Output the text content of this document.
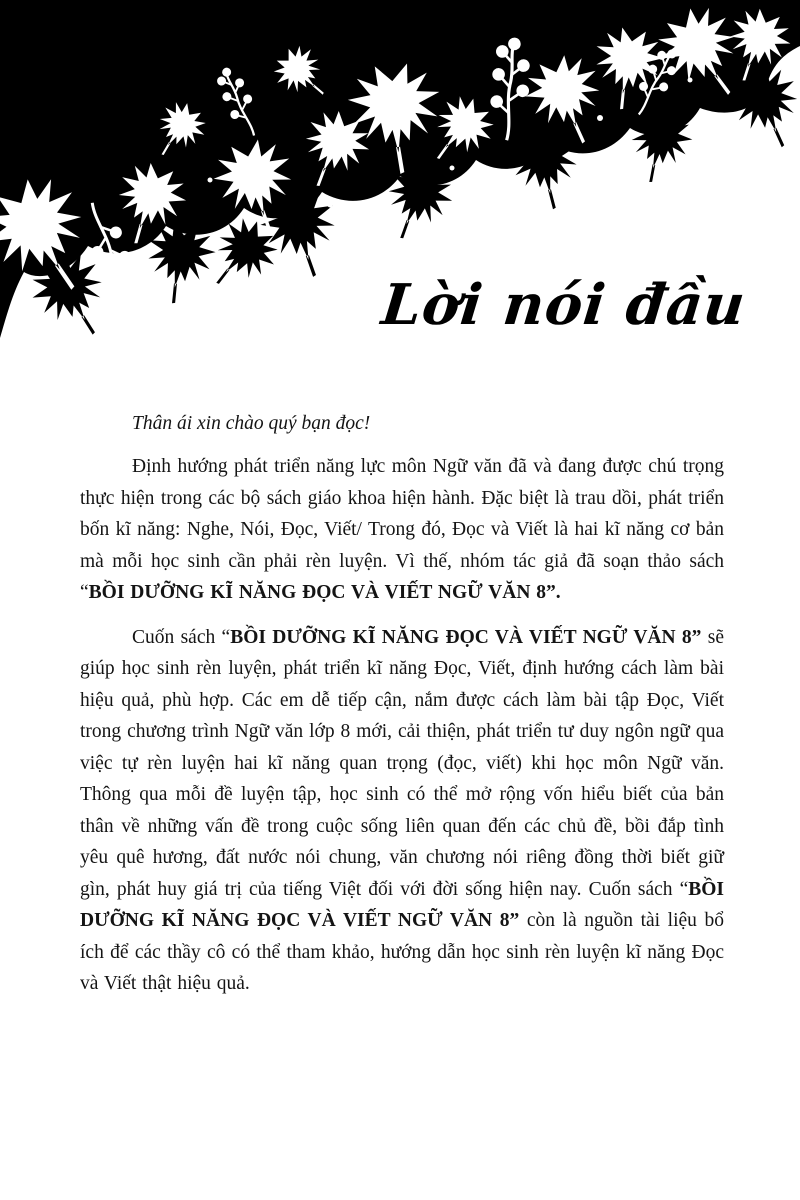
Lời nói đầu

Thân ái xin chào quý bạn đọc!

Định hướng phát triển năng lực môn Ngữ văn đã và đang được chú trọng thực hiện trong các bộ sách giáo khoa hiện hành. Đặc biệt là trau dồi, phát triển bốn kĩ năng: Nghe, Nói, Đọc, Viết/ Trong đó, Đọc và Viết là hai kĩ năng cơ bản mà mỗi học sinh cần phải rèn luyện. Vì thế, nhóm tác giả đã soạn thảo sách “BỒI DƯỠNG KĨ NĂNG ĐỌC VÀ VIẾT NGỮ VĂN 8”.

Cuốn sách “BỒI DƯỠNG KĨ NĂNG ĐỌC VÀ VIẾT NGỮ VĂN 8” sẽ giúp học sinh rèn luyện, phát triển kĩ năng Đọc, Viết, định hướng cách làm bài hiệu quả, phù hợp. Các em dễ tiếp cận, nắm được cách làm bài tập Đọc, Viết trong chương trình Ngữ văn lớp 8 mới, cải thiện, phát triển tư duy ngôn ngữ qua việc tự rèn luyện hai kĩ năng quan trọng (đọc, viết) khi học môn Ngữ văn. Thông qua mỗi đề luyện tập, học sinh có thể mở rộng vốn hiểu biết của bản thân về những vấn đề trong cuộc sống liên quan đến các chủ đề, bồi đắp tình yêu quê hương, đất nước nói chung, văn chương nói riêng đồng thời biết giữ gìn, phát huy giá trị của tiếng Việt đối với đời sống hiện nay. Cuốn sách “BỒI DƯỠNG KĨ NĂNG ĐỌC VÀ VIẾT NGỮ VĂN 8” còn là nguồn tài liệu bổ ích để các thầy cô có thể tham khảo, hướng dẫn học sinh rèn luyện kĩ năng Đọc và Viết thật hiệu quả.
